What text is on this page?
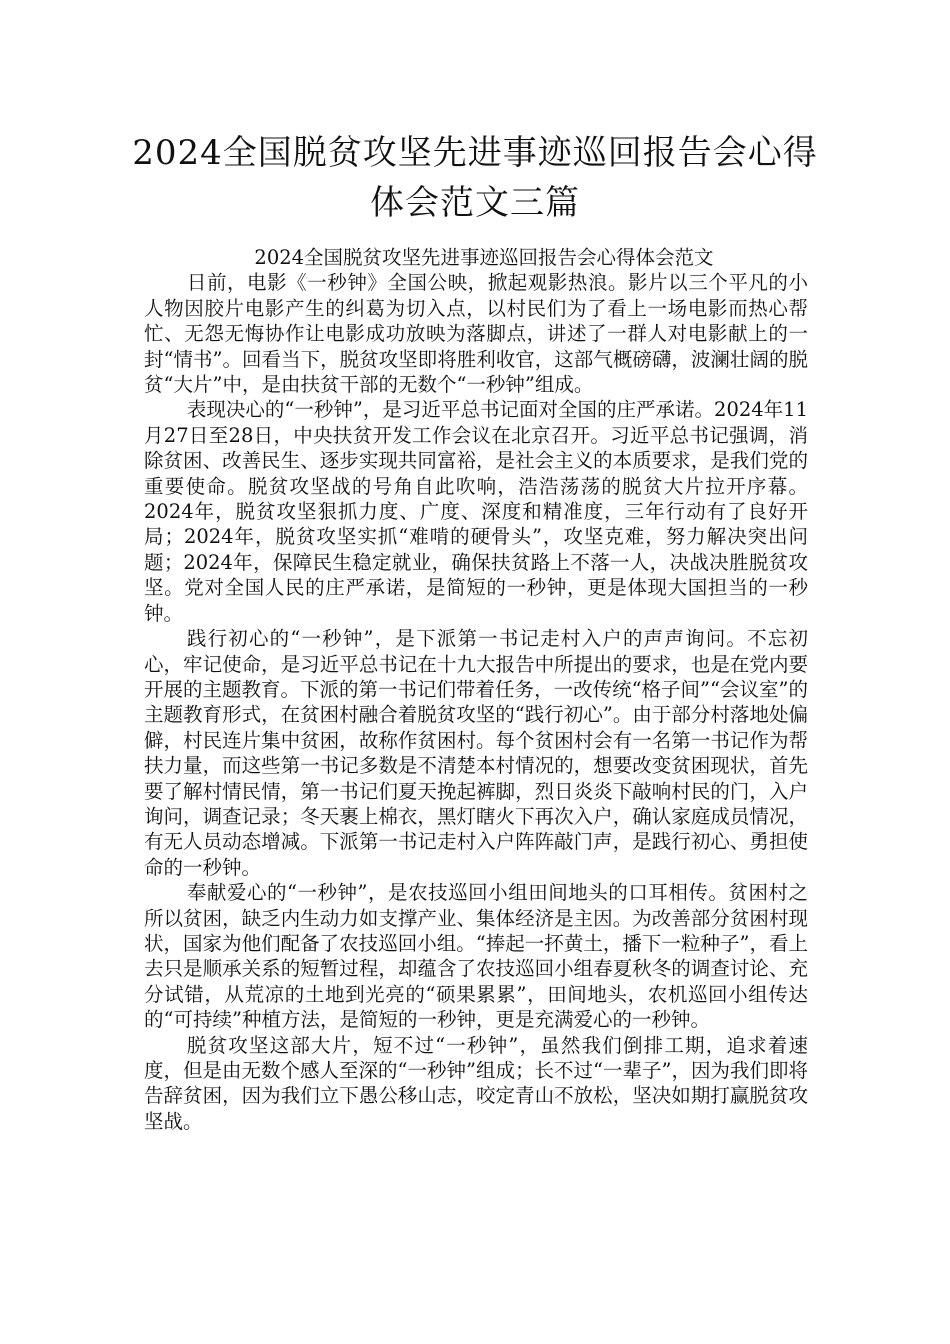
2024全国脱贫攻坚先进事迹巡回报告会心得体会范文三篇

2024全国脱贫攻坚先进事迹巡回报告会心得体会范文

日前，电影《一秒钟》全国公映，掀起观影热浪。影片以三个平凡的小人物因胶片电影产生的纠葛为切入点，以村民们为了看上一场电影而热心帮忙、无怨无悔协作让电影成功放映为落脚点，讲述了一群人对电影献上的一封“情书”。回看当下，脱贫攻坚即将胜利收官，这部气概磅礴，波澜壮阔的脱贫“大片”中，是由扶贫干部的无数个“一秒钟”组成。

表现决心的“一秒钟”，是习近平总书记面对全国的庄严承诺。2024年11月27日至28日，中央扶贫开发工作会议在北京召开。习近平总书记强调，消除贫困、改善民生、逐步实现共同富裕，是社会主义的本质要求，是我们党的重要使命。脱贫攻坚战的号角自此吹响，浩浩荡荡的脱贫大片拉开序幕。2024年，脱贫攻坚狠抓力度、广度、深度和精准度，三年行动有了良好开局；2024年，脱贫攻坚实抓“难啃的硬骨头”，攻坚克难，努力解决突出问题；2024年，保障民生稳定就业，确保扶贫路上不落一人，决战决胜脱贫攻坚。党对全国人民的庄严承诺，是简短的一秒钟，更是体现大国担当的一秒钟。

践行初心的“一秒钟”，是下派第一书记走村入户的声声询问。不忘初心，牢记使命，是习近平总书记在十九大报告中所提出的要求，也是在党内要开展的主题教育。下派的第一书记们带着任务，一改传统“格子间”“会议室”的主题教育形式，在贫困村融合着脱贫攻坚的“践行初心”。由于部分村落地处偏僻，村民连片集中贫困，故称作贫困村。每个贫困村会有一名第一书记作为帮扶力量，而这些第一书记多数是不清楚本村情况的，想要改变贫困现状，首先要了解村情民情，第一书记们夏天挽起裤脚，烈日炎炎下敲响村民的门，入户询问，调查记录；冬天裹上棉衣，黑灯瞎火下再次入户，确认家庭成员情况，有无人员动态增减。下派第一书记走村入户阵阵敲门声，是践行初心、勇担使命的一秒钟。

奉献爱心的“一秒钟”，是农技巡回小组田间地头的口耳相传。贫困村之所以贫困，缺乏内生动力如支撑产业、集体经济是主因。为改善部分贫困村现状，国家为他们配备了农技巡回小组。“捧起一抔黄土，播下一粒种子”，看上去只是顺承关系的短暂过程，却蕴含了农技巡回小组春夏秋冬的调查讨论、充分试错，从荒凉的土地到光亮的“硕果累累”，田间地头，农机巡回小组传达的“可持续”种植方法，是简短的一秒钟，更是充满爱心的一秒钟。

脱贫攻坚这部大片，短不过“一秒钟”，虽然我们倒排工期，追求着速度，但是由无数个感人至深的“一秒钟”组成；长不过“一辈子”，因为我们即将告辞贫困，因为我们立下愚公移山志，咬定青山不放松，坚决如期打赢脱贫攻坚战。
